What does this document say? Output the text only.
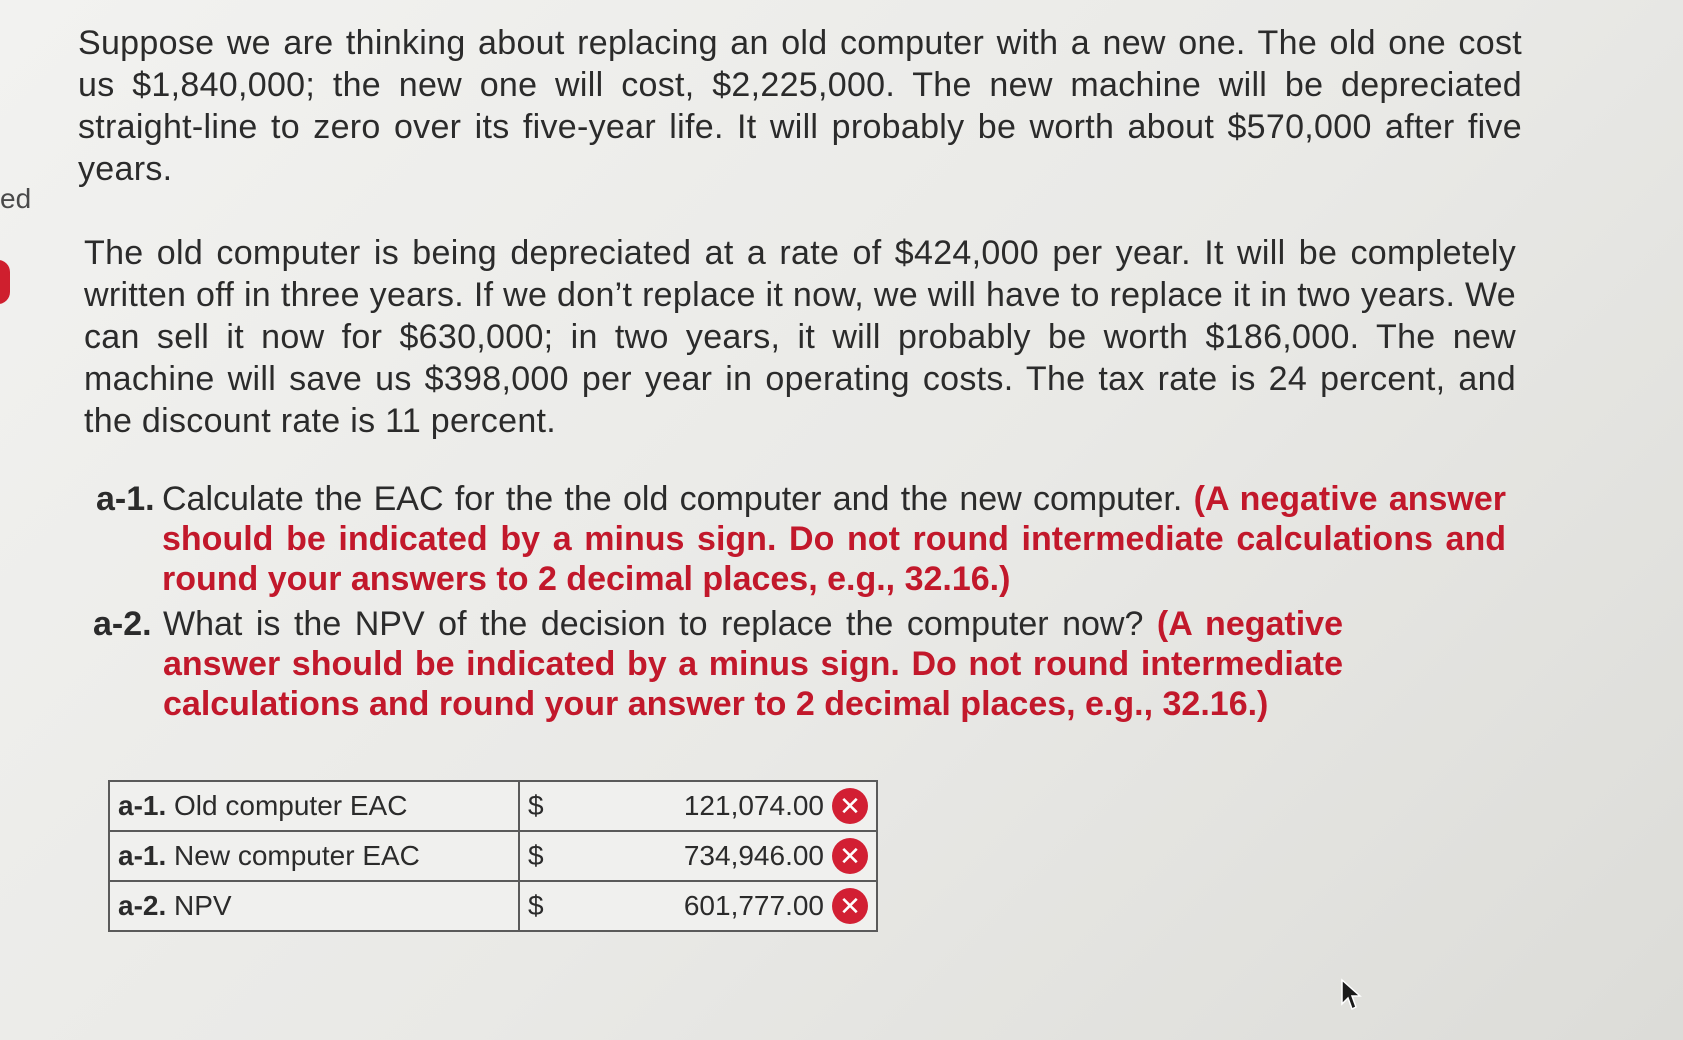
ed

Suppose we are thinking about replacing an old computer with a new one. The old one cost us $1,840,000; the new one will cost, $2,225,000. The new machine will be depreciated straight-line to zero over its five-year life. It will probably be worth about $570,000 after five years.

The old computer is being depreciated at a rate of $424,000 per year. It will be completely written off in three years. If we don’t replace it now, we will have to replace it in two years. We can sell it now for $630,000; in two years, it will probably be worth $186,000. The new machine will save us $398,000 per year in operating costs. The tax rate is 24 percent, and the discount rate is 11 percent.

a-1. Calculate the EAC for the the old computer and the new computer. (A negative answer should be indicated by a minus sign. Do not round intermediate calculations and round your answers to 2 decimal places, e.g., 32.16.)
a-2. What is the NPV of the decision to replace the computer now? (A negative answer should be indicated by a minus sign. Do not round intermediate calculations and round your answer to 2 decimal places, e.g., 32.16.)
a-1. Old computer EAC	$	121,074.00 ✕
a-1. New computer EAC	$	734,946.00 ✕
a-2. NPV	$	601,777.00 ✕
